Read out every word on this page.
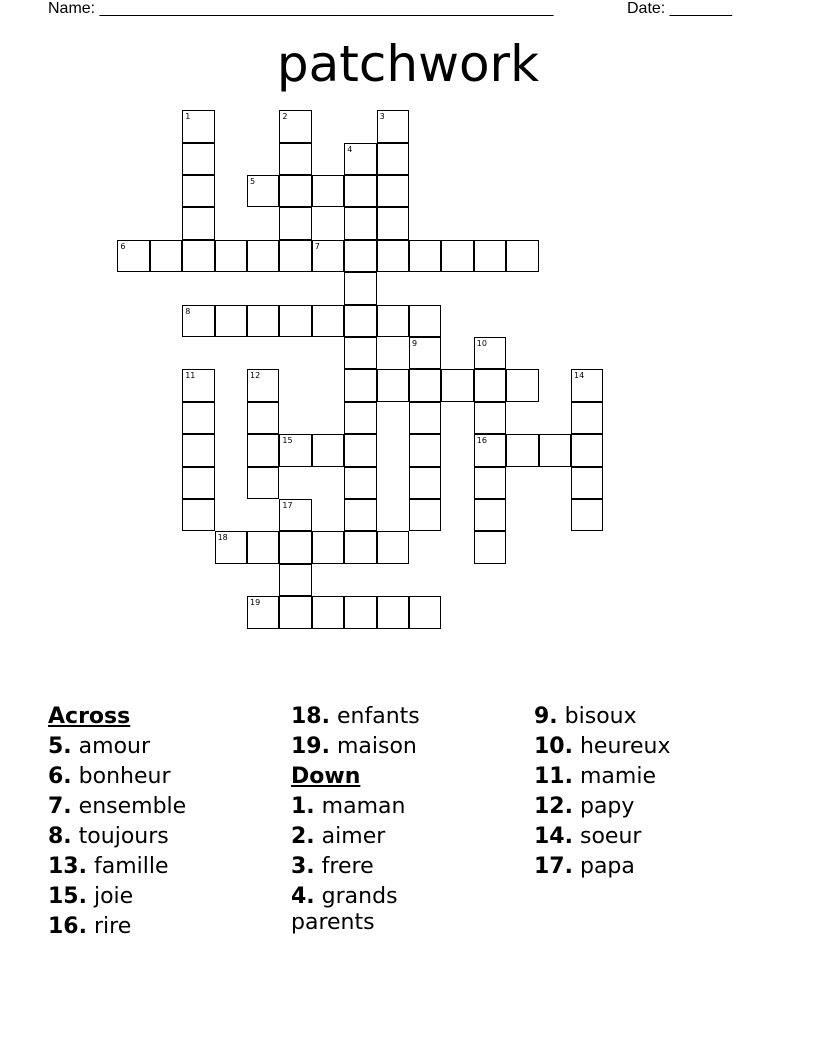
Name: ___________________________________________________	Date: _______
patchwork
1	2	3
4
5
6	7
8
9	10
11	12	14
15	16
17
18
19
Across
5. amour
6. bonheur
7. ensemble
8. toujours
13. famille
15. joie
16. rire
18. enfants
19. maison
Down
1. maman
2. aimer
3. frere
4. grands parents
9. bisoux
10. heureux
11. mamie
12. papy
14. soeur
17. papa
